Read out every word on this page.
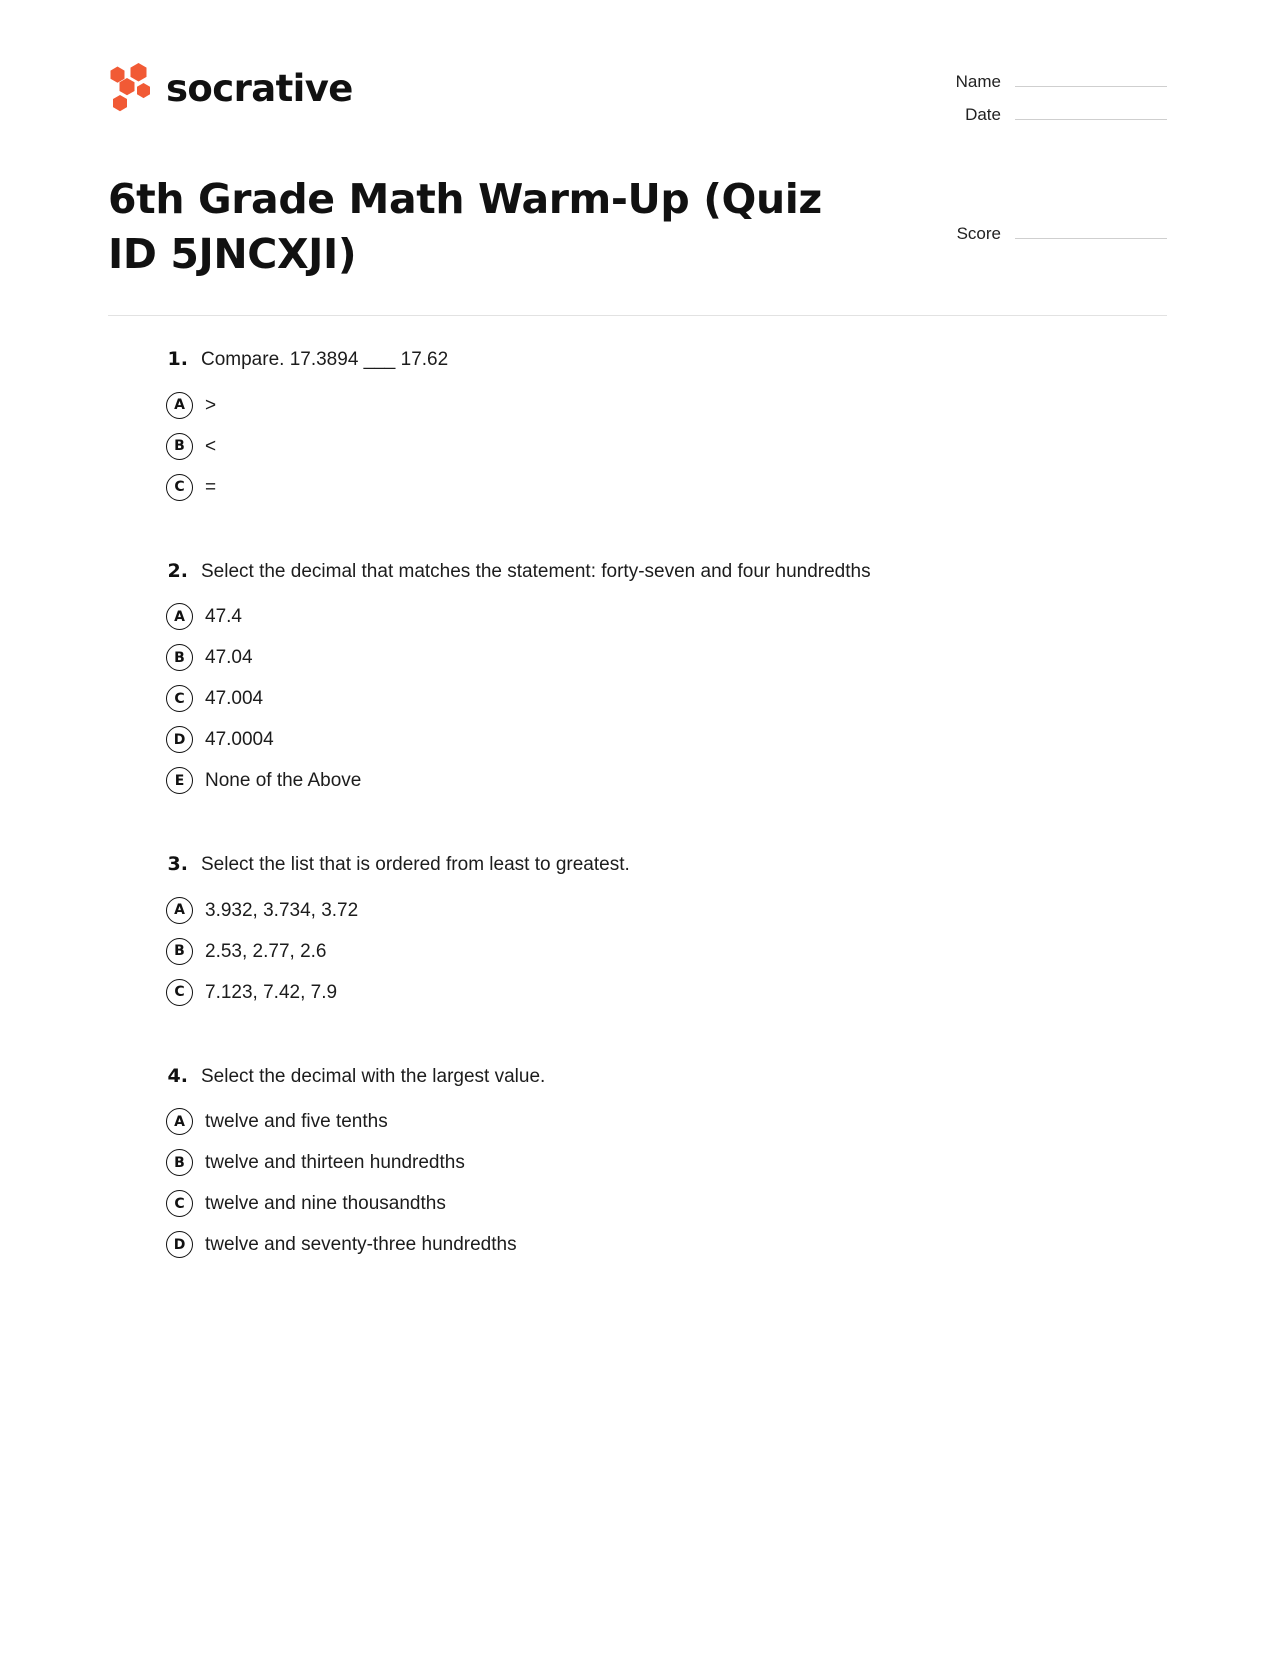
socrative	Name
Date
6th Grade Math Warm-Up (Quiz ID 5JNCXJI)	Score
1. Compare. 17.3894 ___ 17.62
A	>
B	<
C	=
2. Select the decimal that matches the statement: forty-seven and four hundredths
A	47.4
B	47.04
C	47.004
D	47.0004
E	None of the Above
3. Select the list that is ordered from least to greatest.
A	3.932, 3.734, 3.72
B	2.53, 2.77, 2.6
C	7.123, 7.42, 7.9
4. Select the decimal with the largest value.
A	twelve and five tenths
B	twelve and thirteen hundredths
C	twelve and nine thousandths
D	twelve and seventy-three hundredths
